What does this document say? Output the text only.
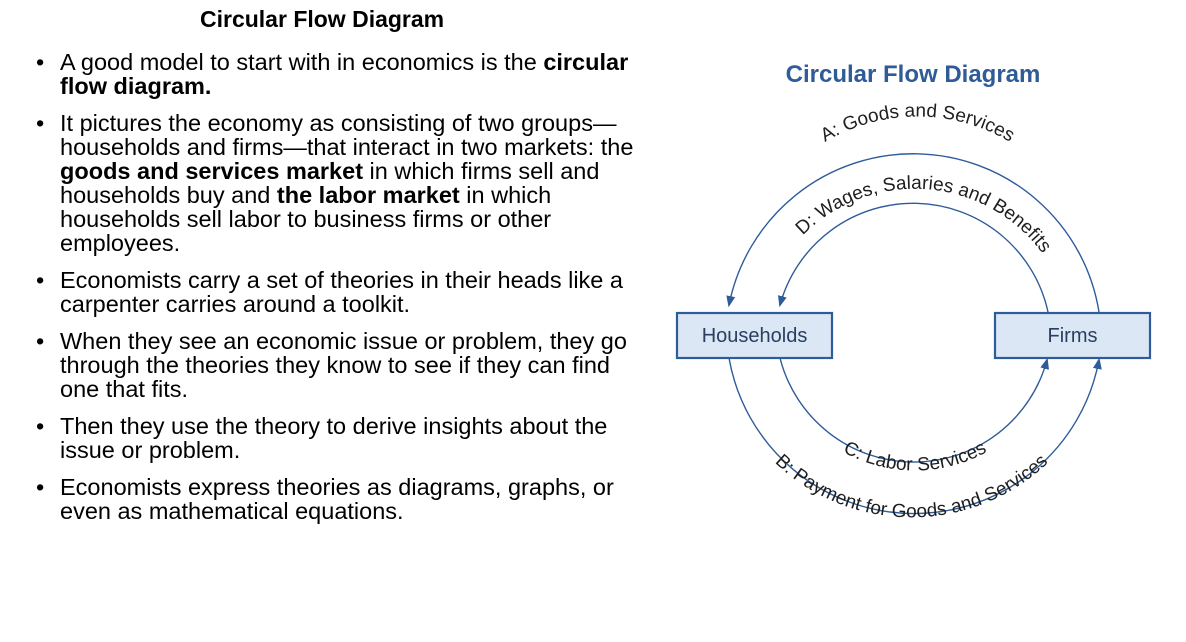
Circular Flow Diagram
• A good model to start with in economics is the circular flow diagram.
• It pictures the economy as consisting of two groups—households and firms—that interact in two markets: the goods and services market in which firms sell and households buy and the labor market in which households sell labor to business firms or other employees.
• Economists carry a set of theories in their heads like a carpenter carries around a toolkit.
• When they see an economic issue or problem, they go through the theories they know to see if they can find one that fits.
• Then they use the theory to derive insights about the issue or problem.
• Economists express theories as diagrams, graphs, or even as mathematical equations.
Circular Flow Diagram
Households	Firms
A: Goods and Services
D: Wages, Salaries and Benefits
C: Labor Services
B: Payment for Goods and Services
